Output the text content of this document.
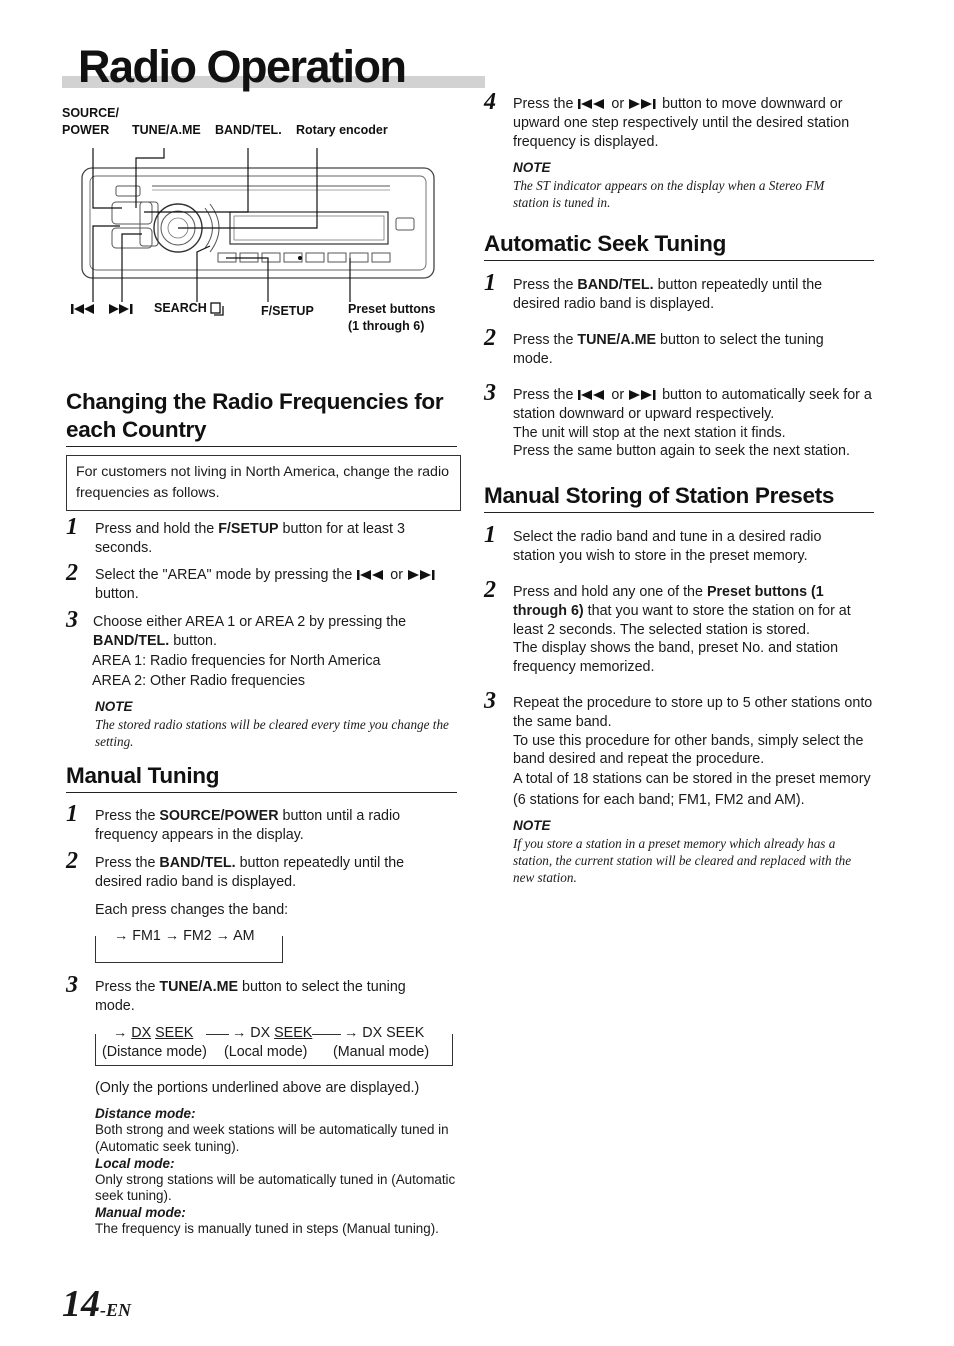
Radio Operation
SOURCE/
POWER	TUNE/A.ME BAND/TEL. Rotary encoder

SEARCH	F/SETUP	Preset buttons
(1 through 6)
Changing the Radio Frequencies for
each Country
For customers not living in North America, change the radio frequencies as follows.
1 Press and hold the F/SETUP button for at least 3 seconds.
2 Select the "AREA" mode by pressing the	or
button.
3 Choose either AREA 1 or AREA 2 by pressing the
BAND/TEL. button.
AREA 1: Radio frequencies for North America
AREA 2: Other Radio frequencies
NOTE
The stored radio stations will be cleared every time you change the setting.
Manual Tuning
1 Press the SOURCE/POWER button until a radio frequency appears in the display.
2 Press the BAND/TEL. button repeatedly until the desired radio band is displayed.
Each press changes the band:
→ FM1 → FM2 → AM
3 Press the TUNE/A.ME button to select the tuning mode.
→ DX SEEK	→ DX SEEK → DX SEEK
(Distance mode) (Local mode) (Manual mode)
(Only the portions underlined above are displayed.)
Distance mode:
Both strong and week stations will be automatically tuned in (Automatic seek tuning).
Local mode:
Only strong stations will be automatically tuned in (Automatic seek tuning).
Manual mode:
The frequency is manually tuned in steps (Manual tuning).
14-EN
4 Press the	or	button to move downward or upward one step respectively until the desired station frequency is displayed.
NOTE
The ST indicator appears on the display when a Stereo FM station is tuned in.
Automatic Seek Tuning
1 Press the BAND/TEL. button repeatedly until the desired radio band is displayed.
2 Press the TUNE/A.ME button to select the tuning mode.
3 Press the	or	button to automatically seek for a station downward or upward respectively.
The unit will stop at the next station it finds.
Press the same button again to seek the next station.
Manual Storing of Station Presets
1 Select the radio band and tune in a desired radio station you wish to store in the preset memory.
2 Press and hold any one of the Preset buttons (1 through 6) that you want to store the station on for at least 2 seconds. The selected station is stored.
The display shows the band, preset No. and station frequency memorized.
3 Repeat the procedure to store up to 5 other stations onto the same band.
To use this procedure for other bands, simply select the band desired and repeat the procedure.
A total of 18 stations can be stored in the preset memory (6 stations for each band; FM1, FM2 and AM).
NOTE
If you store a station in a preset memory which already has a station, the current station will be cleared and replaced with the new station.
